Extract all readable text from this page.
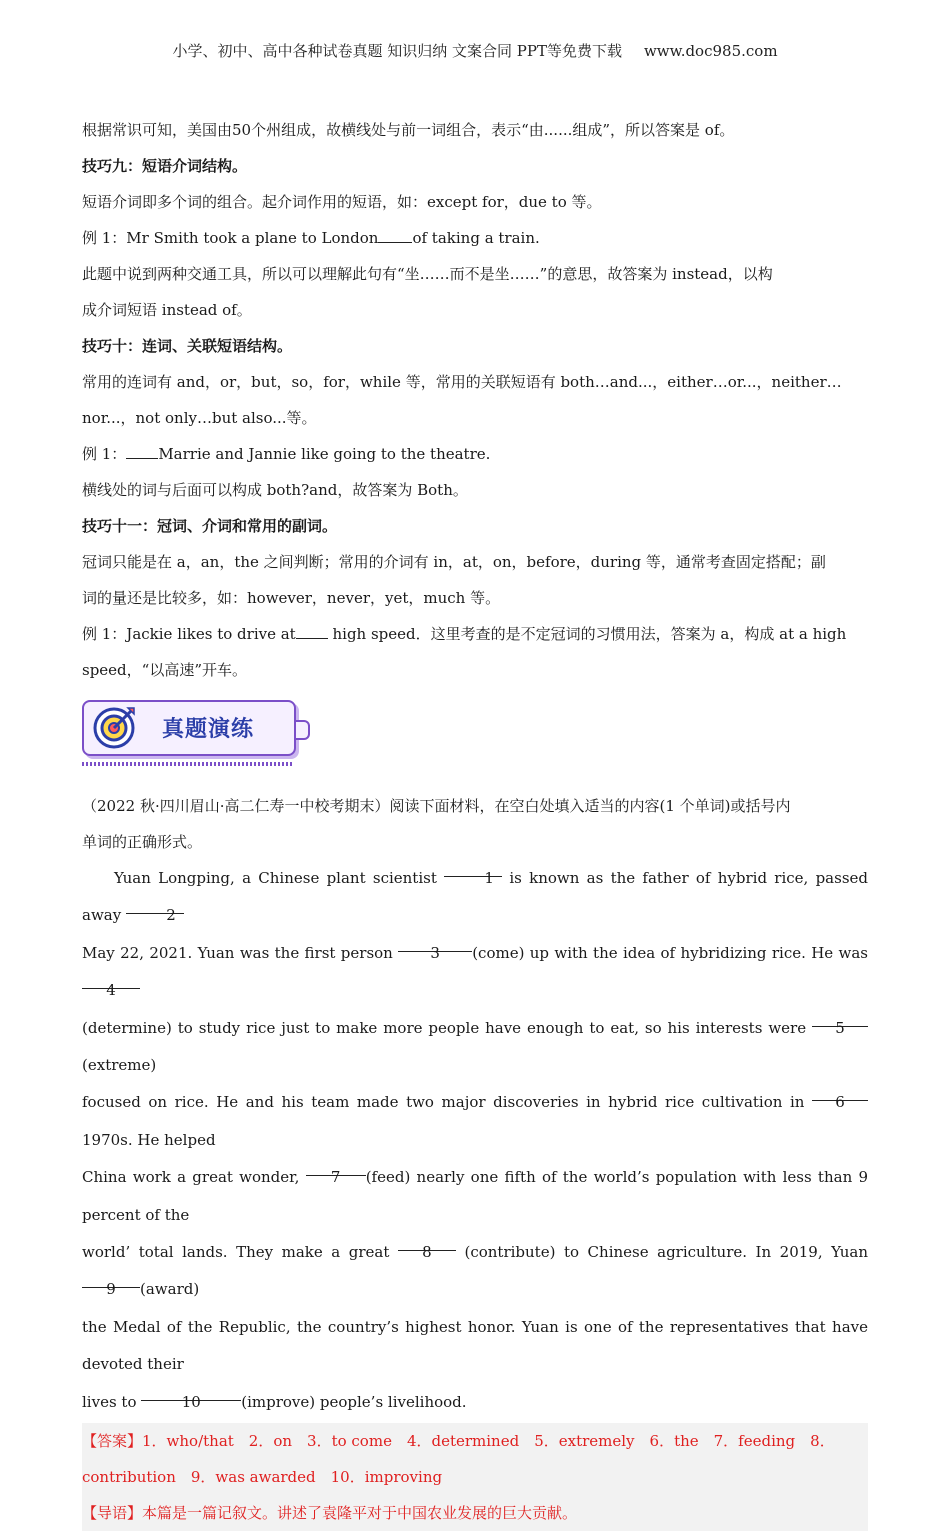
小学、初中、高中各种试卷真题 知识归纳 文案合同 PPT等免费下载 www.doc985.com

根据常识可知，美国由50个州组成，故横线处与前一词组合，表示“由......组成”，所以答案是 of。

技巧九：短语介词结构。

短语介词即多个词的组合。起介词作用的短语，如：except for，due to 等。

例 1：Mr Smith took a plane to London of taking a train.

此题中说到两种交通工具，所以可以理解此句有“坐……而不是坐……”的意思，故答案为 instead，以构

成介词短语 instead of。

技巧十：连词、关联短语结构。

常用的连词有 and，or，but，so，for，while 等，常用的关联短语有 both…and...，either…or...，neither…

nor...，not only…but also...等。

例 1： Marrie and Jannie like going to the theatre.

横线处的词与后面可以构成 both?and，故答案为 Both。

技巧十一：冠词、介词和常用的副词。

冠词只能是在 a，an，the 之间判断；常用的介词有 in，at，on，before，during 等，通常考查固定搭配；副

词的量还是比较多，如：however，never，yet，much 等。

例 1：Jackie likes to drive at high speed．这里考查的是不定冠词的习惯用法，答案为 a，构成 at a high

speed，“以高速”开车。

真题演练

（2022 秋·四川眉山·高二仁寿一中校考期末）阅读下面材料，在空白处填入适当的内容(1 个单词)或括号内

单词的正确形式。

Yuan Longping, a Chinese plant scientist	1 is known as the father of hybrid rice, passed away	2

May 22, 2021. Yuan was the first person 3 (come) up with the idea of hybridizing rice. He was 4

(determine) to study rice just to make more people have enough to eat, so his interests were 5(extreme)

focused on rice. He and his team made two major discoveries in hybrid rice cultivation in 61970s. He helped

China work a great wonder, 7 (feed) nearly one fifth of the world’s population with less than 9 percent of the

world’ total lands. They make a great 8 (contribute) to Chinese agriculture. In 2019, Yuan 9 (award)

the Medal of the Republic, the country’s highest honor. Yuan is one of the representatives that have devoted their

lives to	10	(improve) people’s livelihood.

【答案】1．who/that　2．on　3．to come　4．determined　5．extremely　6．the　7．feeding　8．

contribution　9．was awarded　10．improving

【导语】本篇是一篇记叙文。讲述了袁隆平对于中国农业发展的巨大贡献。
